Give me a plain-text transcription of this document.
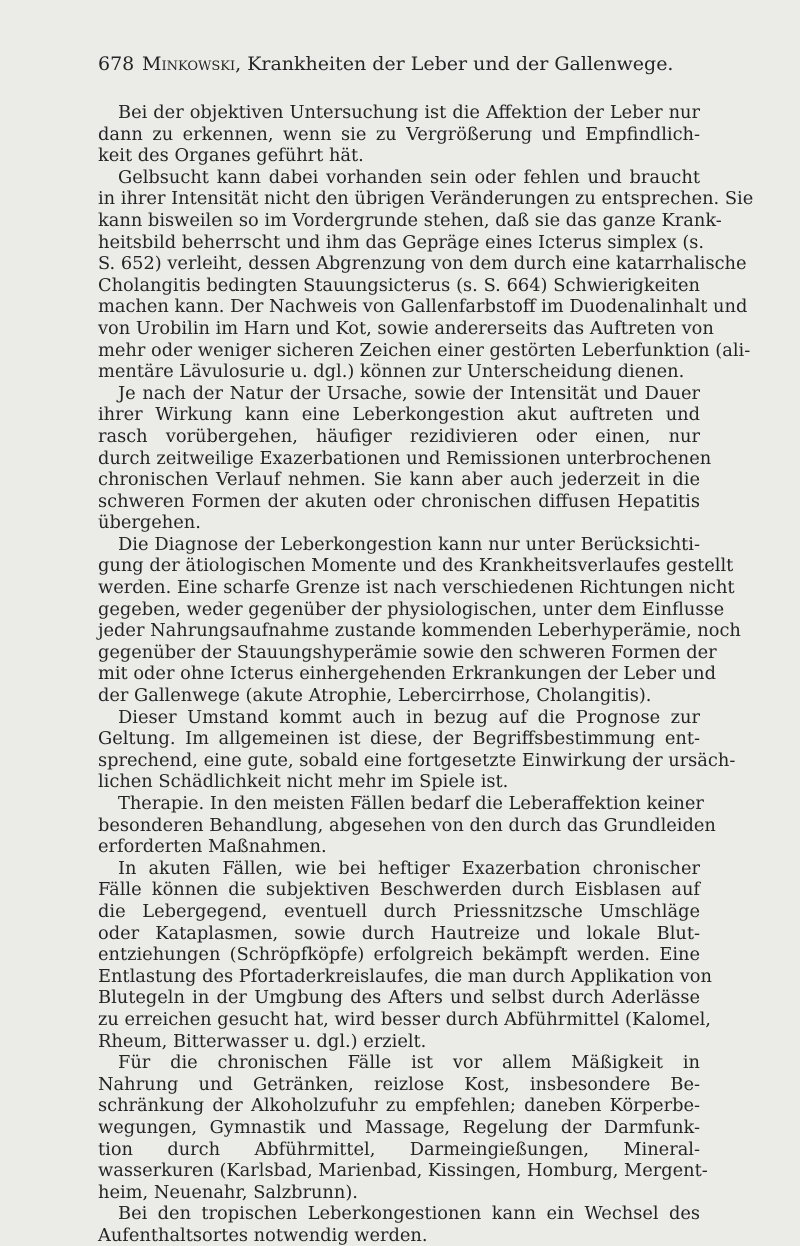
678 Minkowski, Krankheiten der Leber und der Gallenwege.
Bei der objektiven Untersuchung ist die Affektion der Leber nur
dann zu erkennen, wenn sie zu Vergrößerung und Empfindlich-
keit des Organes geführt hät.
Gelbsucht kann dabei vorhanden sein oder fehlen und braucht
in ihrer Intensität nicht den übrigen Veränderungen zu entsprechen. Sie
kann bisweilen so im Vordergrunde stehen, daß sie das ganze Krank-
heitsbild beherrscht und ihm das Gepräge eines Icterus simplex (s.
S. 652) verleiht, dessen Abgrenzung von dem durch eine katarrhalische
Cholangitis bedingten Stauungsicterus (s. S. 664) Schwierigkeiten
machen kann. Der Nachweis von Gallenfarbstoff im Duodenalinhalt und
von Urobilin im Harn und Kot, sowie andererseits das Auftreten von
mehr oder weniger sicheren Zeichen einer gestörten Leberfunktion (ali-
mentäre Lävulosurie u. dgl.) können zur Unterscheidung dienen.
Je nach der Natur der Ursache, sowie der Intensität und Dauer
ihrer Wirkung kann eine Leberkongestion akut auftreten und
rasch vorübergehen, häufiger rezidivieren oder einen, nur
durch zeitweilige Exazerbationen und Remissionen unterbrochenen
chronischen Verlauf nehmen. Sie kann aber auch jederzeit in die
schweren Formen der akuten oder chronischen diffusen Hepatitis
übergehen.
Die Diagnose der Leberkongestion kann nur unter Berücksichti-
gung der ätiologischen Momente und des Krankheitsverlaufes gestellt
werden. Eine scharfe Grenze ist nach verschiedenen Richtungen nicht
gegeben, weder gegenüber der physiologischen, unter dem Einflusse
jeder Nahrungsaufnahme zustande kommenden Leberhyperämie, noch
gegenüber der Stauungshyperämie sowie den schweren Formen der
mit oder ohne Icterus einhergehenden Erkrankungen der Leber und
der Gallenwege (akute Atrophie, Lebercirrhose, Cholangitis).
Dieser Umstand kommt auch in bezug auf die Prognose zur
Geltung. Im allgemeinen ist diese, der Begriffsbestimmung ent-
sprechend, eine gute, sobald eine fortgesetzte Einwirkung der ursäch-
lichen Schädlichkeit nicht mehr im Spiele ist.
Therapie. In den meisten Fällen bedarf die Leberaffektion keiner
besonderen Behandlung, abgesehen von den durch das Grundleiden
erforderten Maßnahmen.
In akuten Fällen, wie bei heftiger Exazerbation chronischer
Fälle können die subjektiven Beschwerden durch Eisblasen auf
die Lebergegend, eventuell durch Priessnitzsche Umschläge
oder Kataplasmen, sowie durch Hautreize und lokale Blut-
entziehungen (Schröpfköpfe) erfolgreich bekämpft werden. Eine
Entlastung des Pfortaderkreislaufes, die man durch Applikation von
Blutegeln in der Umgbung des Afters und selbst durch Aderlässe
zu erreichen gesucht hat, wird besser durch Abführmittel (Kalomel,
Rheum, Bitterwasser u. dgl.) erzielt.
Für die chronischen Fälle ist vor allem Mäßigkeit in
Nahrung und Getränken, reizlose Kost, insbesondere Be-
schränkung der Alkoholzufuhr zu empfehlen; daneben Körperbe-
wegungen, Gymnastik und Massage, Regelung der Darmfunk-
tion durch Abführmittel, Darmeingießungen, Mineral-
wasserkuren (Karlsbad, Marienbad, Kissingen, Homburg, Mergent-
heim, Neuenahr, Salzbrunn).
Bei den tropischen Leberkongestionen kann ein Wechsel des
Aufenthaltsortes notwendig werden.
